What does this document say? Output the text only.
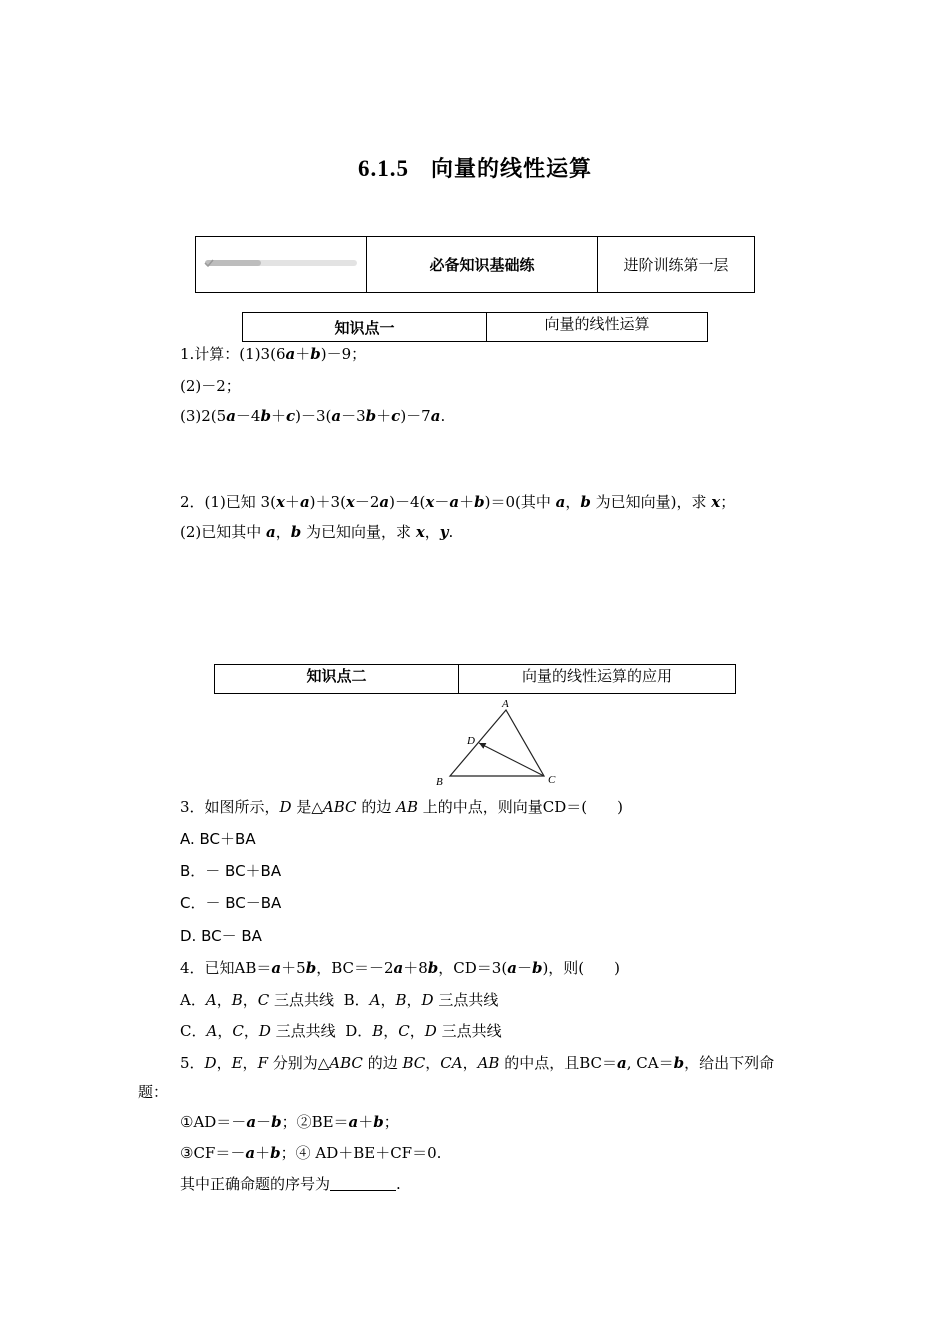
6.1.5 向量的线性运算
	必备知识基础练	进阶训练第一层
知识点一	向量的线性运算
1.计算：(1)3(6a＋b)－9；
(2)－2；
(3)2(5a－4b＋c)－3(a－3b＋c)－7a.
2．(1)已知 3(x＋a)＋3(x－2a)－4(x－a＋b)＝0(其中 a，b 为已知向量)，求 x；
(2)已知其中 a，b 为已知向量，求 x，y.
知识点二	向量的线性运算的应用
A
D
B	C
3．如图所示，D 是△ABC 的边 AB 上的中点，则向量CD＝(　　)
A. BC＋BA
B．－ BC＋BA
C．－ BC－BA
D. BC－ BA
4．已知AB＝a＋5b，BC＝－2a＋8b，CD＝3(a－b)，则(　　)
A．A，B，C 三点共线 B．A，B，D 三点共线
C．A，C，D 三点共线 D．B，C，D 三点共线
5．D，E，F 分别为△ABC 的边 BC，CA，AB 的中点，且BC＝a, CA＝b，给出下列命
题：
①AD＝－a－b；②BE＝a＋b；
③CF＝－a＋b；④ AD＋BE＋CF＝0.
其中正确命题的序号为	.
